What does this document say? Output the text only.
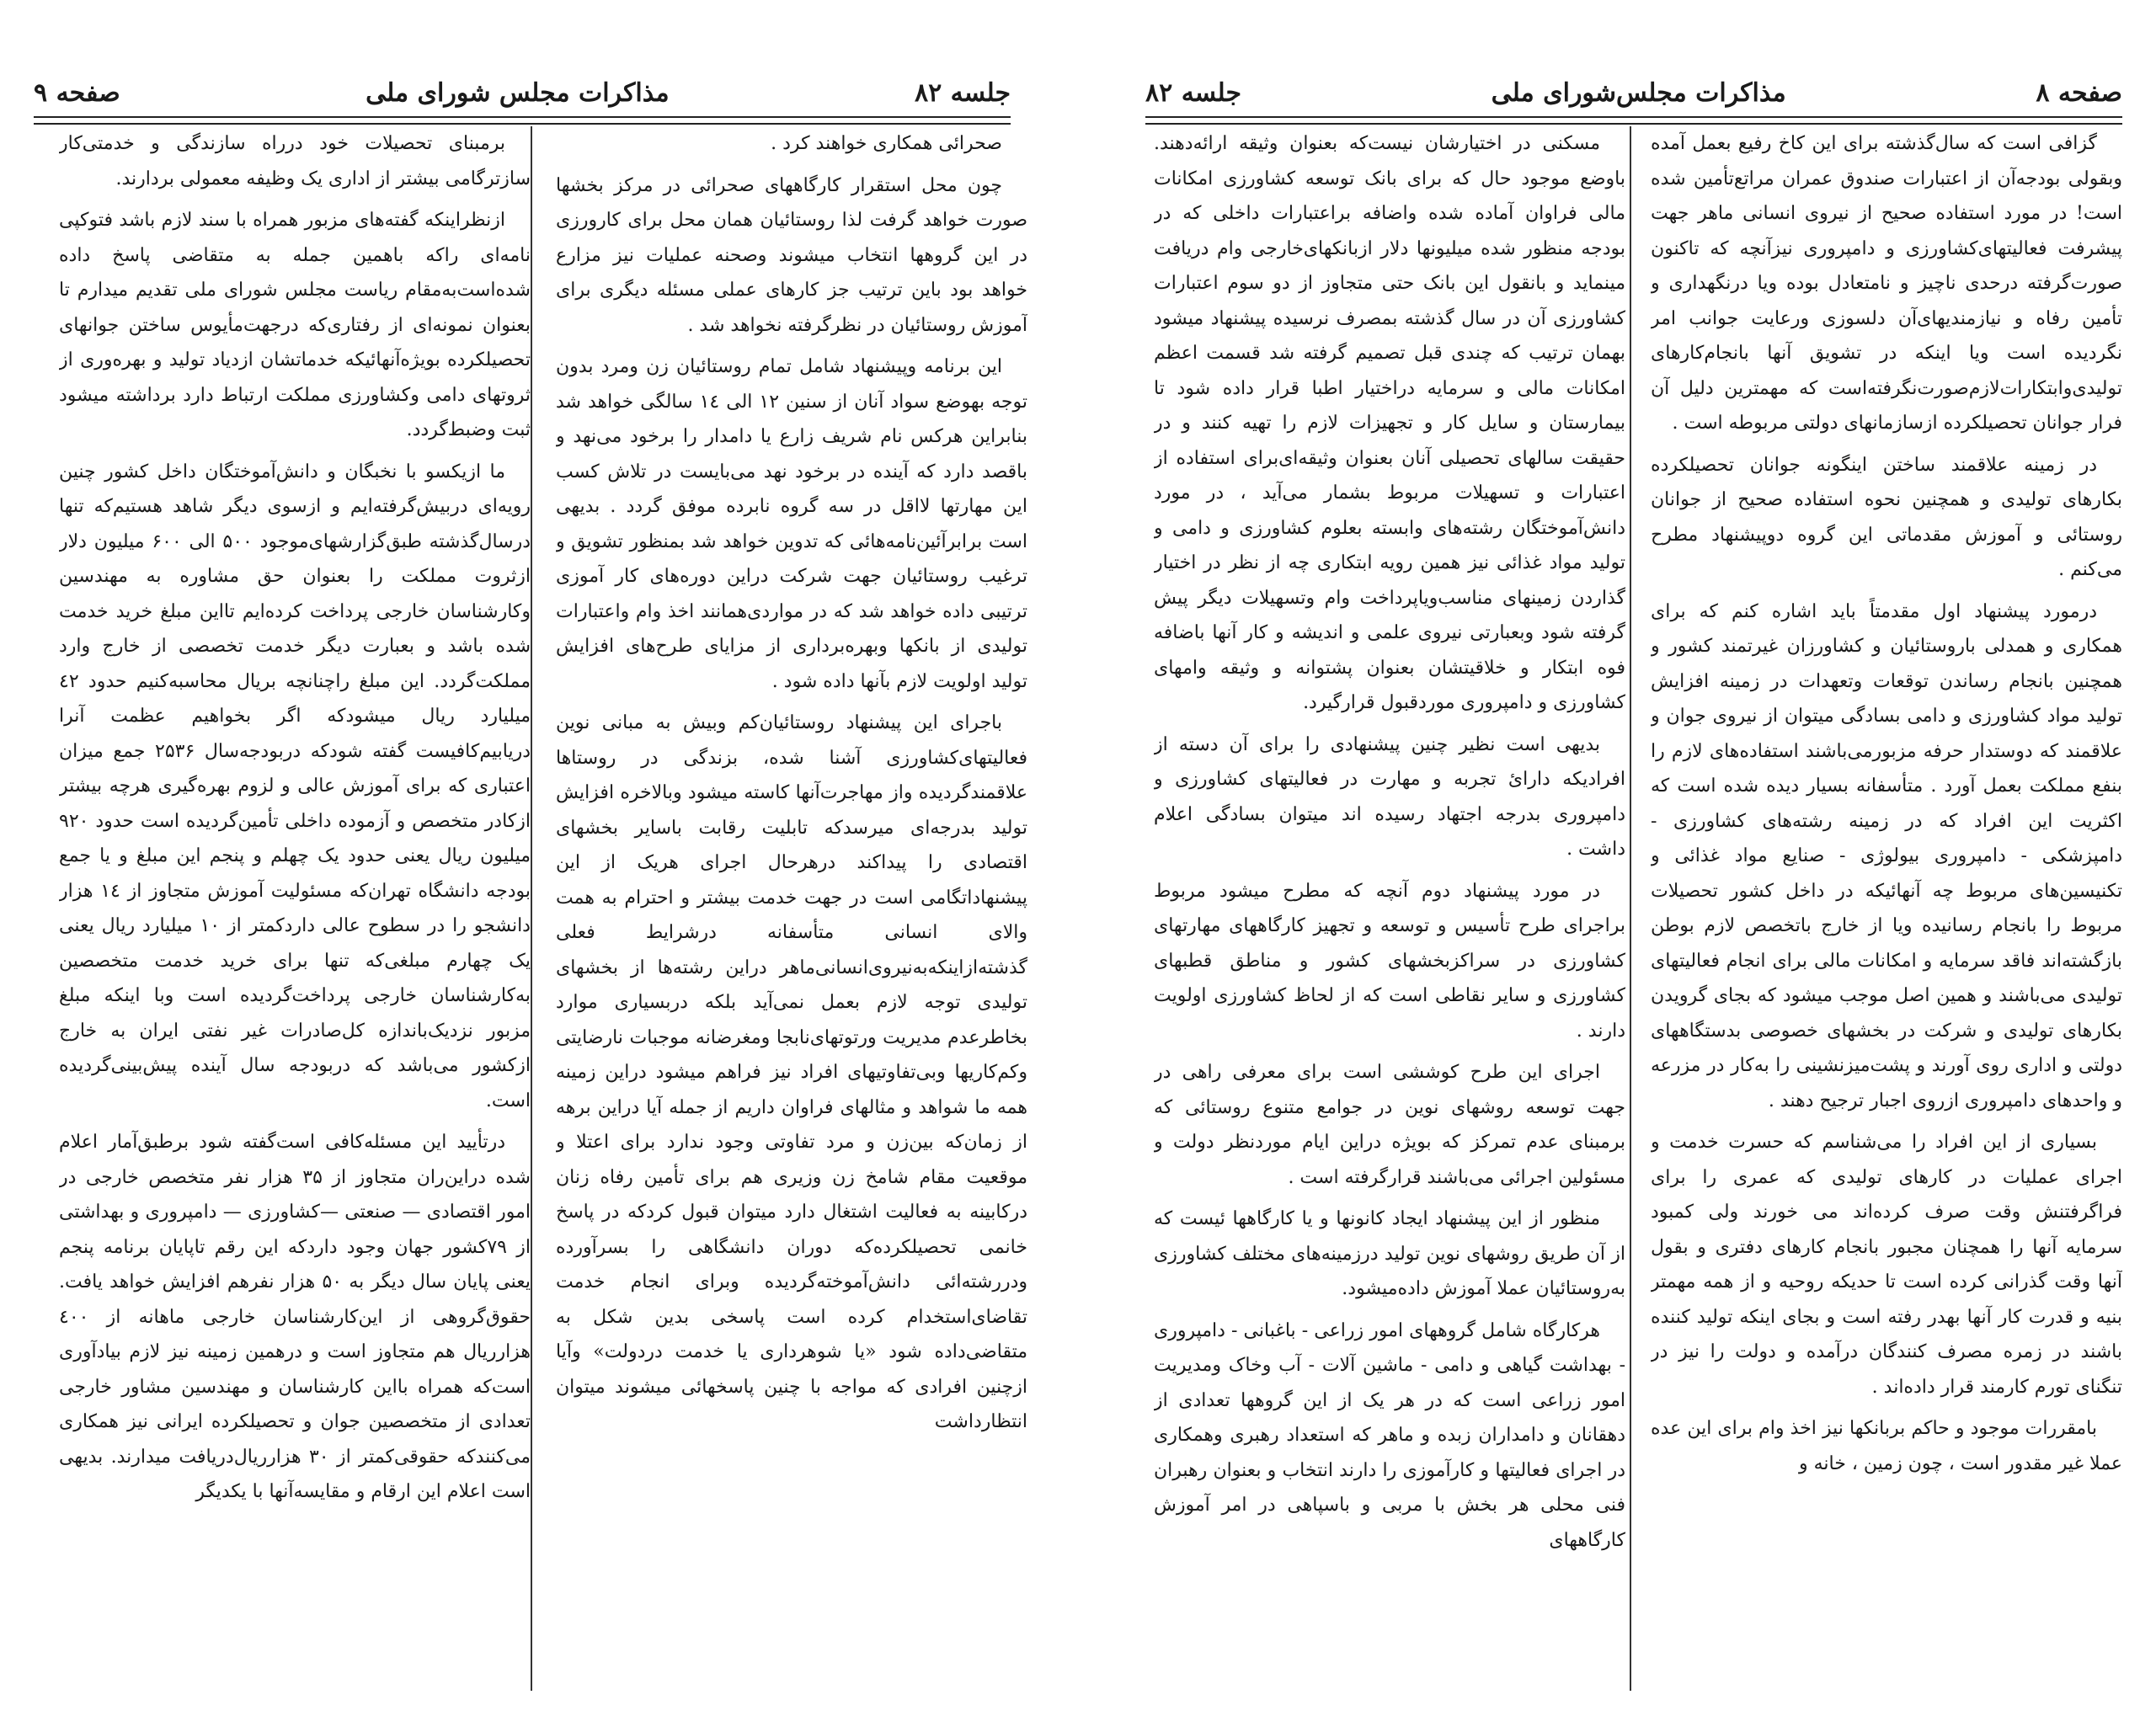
جلسه ۸۲
مذاکرات مجلس شورای ملی
صفحه ۹

صحرائی همکاری خواهند کرد .

چون محل استقرار کارگاههای صحرائی در مرکز بخشها صورت خواهد گرفت لذا روستائیان همان محل برای کارورزی در این گروهها انتخاب میشوند وصحنه عملیات نیز مزارع خواهد بود باین ترتیب جز کارهای عملی مسئله دیگری برای آموزش روستائیان در نظرگرفته نخواهد شد .

این برنامه وپیشنهاد شامل تمام روستائیان زن ومرد بدون توجه بهوضع سواد آنان از سنین ۱۲ الی ۱٤ سالگی خواهد شد بنابراین هرکس نام شریف زارع یا دامدار را برخود می‌نهد و باقصد دارد که آینده در برخود نهد می‌بایست در تلاش کسب این مهارتها لااقل در سه گروه نابرده موفق گردد . بدیهی است برابرآئین‌نامه‌هائی که تدوین خواهد شد بمنظور تشویق و ترغیب روستائیان جهت شرکت دراین دوره‌های کار آموزی ترتیبی داده خواهد شد که در مواردی‌همانند اخذ وام واعتبارات تولیدی از بانکها وبهره‌برداری از مزایای طرح‌های افزایش تولید اولویت لازم بآنها داده شود .

باجرای این پیشنهاد روستائیان‌کم وبیش به مبانی نوین فعالیتهای‌کشاورزی آشنا شده، بزندگی در روستاها علاقمندگردیده واز مهاجرت‌آنها کاسته میشود وبالاخره افزایش تولید بدرجه‌ای میرسدکه تابلیت رقابت باسایر بخشهای اقتصادی را پیداکند درهرحال اجرای هریک از این پیشنهاداتگامی است در جهت خدمت بیشتر و احترام به همت والای انسانی متأسفانه درشرایط فعلی گذشته‌ازاینکه‌به‌نیروی‌انسانی‌ماهر دراین رشته‌ها از بخشهای تولیدی توجه لازم بعمل نمی‌آید بلکه دربسیاری موارد بخاطرعدم مدیریت ورتوتهای‌نابجا ومغرضانه موجبات نارضایتی وکم‌کاریها وبی‌تفاوتیهای افراد نیز فراهم میشود دراین زمینه همه ما شواهد و مثالهای فراوان داریم از جمله آیا دراین برهه از زمان‌که بین‌زن و مرد تفاوتی وجود ندارد برای اعتلا و موقعیت مقام شامخ زن وزیری هم برای تأمین رفاه زنان درکابینه به فعالیت اشتغال دارد میتوان قبول کردکه در پاسخ خانمی تحصیلکرده‌که دوران دانشگاهی را بسرآورده ودررشته‌ائی دانش‌آموخته‌گردیده وبرای انجام خدمت تقاضای‌استخدام کرده است پاسخی بدین شکل به متقاضی‌داده شود «یا شوهرداری یا خدمت دردولت» وآیا ازچنین افرادی که مواجه با چنین پاسخهائی میشوند میتوان انتظارداشت

برمبنای تحصیلات خود درراه سازندگی و خدمتی‌کار سازترگامی بیشتر از اداری یک وظیفه معمولی بردارند.

ازنظراینکه گفته‌های مزبور همراه با سند لازم باشد فتوکپی نامه‌ای راکه باهمین جمله به متقاضی پاسخ داده شده‌است‌به‌مقام ریاست مجلس شورای ملی تقدیم میدارم تا بعنوان نمونه‌ای از رفتاری‌که درجهت‌مأیوس ساختن جوانهای تحصیلکرده بویژه‌آنهائیکه خدماتشان ازدیاد تولید و بهره‌وری از ثروتهای دامی وکشاورزی مملکت ارتباط دارد برداشته میشود ثبت وضبط‌گردد.

ما ازیکسو با نخبگان و دانش‌آموختگان داخل کشور چنین رویه‌ای دربیش‌گرفته‌ایم و ازسوی دیگر شاهد هستیم‌که تنها درسال‌گذشته طبق‌گزارشهای‌موجود ۵۰۰ الی ۶۰۰ میلیون دلار ازثروت مملکت را بعنوان حق مشاوره به مهندسین وکارشناسان خارجی پرداخت کرده‌ایم تااین مبلغ خرید خدمت شده باشد و بعبارت دیگر خدمت تخصصی از خارج وارد مملکت‌گردد. این مبلغ راچنانچه بریال محاسبه‌کنیم حدود ٤۲ میلیارد ریال میشودکه اگر بخواهیم عظمت آنرا دریابیم‌کافیست گفته شودکه دربودجه‌سال ۲۵۳۶ جمع میزان اعتباری که برای آموزش عالی و لزوم بهره‌گیری هرچه بیشتر ازکادر متخصص و آزموده داخلی تأمین‌گردیده است حدود ۹۲۰ میلیون ریال یعنی حدود یک چهلم و پنجم این مبلغ و یا جمع بودجه دانشگاه تهران‌که مسئولیت آموزش متجاوز از ١٤ هزار دانشجو را در سطوح عالی دارد‌کمتر از ۱۰ میلیارد ریال یعنی یک چهارم مبلغی‌که تنها برای خرید خدمت متخصصین به‌کارشناسان خارجی پرداخت‌گردیده است وبا اینکه مبلغ مزبور نزدیک‌باندازه کل‌صادرات غیر نفتی ایران به خارج از‌کشور می‌باشد که دربودجه سال آینده پیش‌بینی‌گردیده است.

درتأیید این مسئله‌کافی است‌گفته شود برطبق‌آمار اعلام شده دراین‌ران متجاوز از ۳۵ هزار نفر متخصص خارجی در امور اقتصادی — صنعتی —کشاورزی — دامپروری و بهداشتی از ۷۹کشور جهان وجود داردکه این رقم تاپایان برنامه پنجم یعنی پایان سال دیگر به ۵۰ هزار نفرهم افزایش خواهد یافت. حقوق‌گروهی از این‌کارشناسان خارجی ماهانه از ٤۰۰ هزارریال هم متجاوز است و درهمین زمینه نیز لازم بیادآوری است‌که همراه بااین کارشناسان و مهندسین مشاور خارجی تعدادی از متخصصین جوان و تحصیلکرده ایرانی نیز همکاری می‌کنندکه حقوقی‌کمتر از ۳۰ هزارریال‌دریافت میدارند. بدیهی است اعلام این ارقام و مقایسه‌آنها با یکدیگر

صفحه ۸
مذاکرات مجلس‌شورای ملی
جلسه ۸۲

گزافی است که سال‌گذشته برای این کاخ رفیع بعمل آمده وبقولی بودجه‌آن از اعتبارات صندوق عمران مراتع‌تأمین شده است! در مورد استفاده صحیح از نیروی انسانی ماهر جهت پیشرفت فعالیتهای‌کشاورزی و دامپروری نیزآنچه که تاکنون صورت‌گرفته درحدی ناچیز و نامتعادل بوده ویا درنگهداری و تأمین رفاه و نیازمندیهای‌آن دلسوزی ورعایت جوانب امر نگردیده است ویا اینکه در تشویق آنها بانجام‌کارهای تولیدی‌وابتکارات‌لازم‌صورت‌نگرفته‌است که مهمترین دلیل آن فرار جوانان تحصیلکرده ازسازمانهای دولتی مربوطه است .

در زمینه علاقمند ساختن اینگونه جوانان تحصیلکرده بکارهای تولیدی و همچنین نحوه استفاده صحیح از جوانان روستائی و آموزش مقدماتی این گروه دوپیشنهاد مطرح می‌کنم .

درمورد پیشنهاد اول مقدمتاً باید اشاره کنم که برای همکاری و همدلی باروستائیان و کشاورزان غیرتمند کشور و همچنین بانجام رساندن توقعات وتعهدات در زمینه افزایش تولید مواد کشاورزی و دامی بسادگی میتوان از نیروی جوان و علاقمند که دوستدار حرفه مزبورمی‌باشند استفاده‌های لازم را بنفع مملکت بعمل آورد . متأسفانه بسیار دیده شده است که اکثریت این افراد که در زمینه رشته‌های کشاورزی - دامپزشکی - دامپروری بیولوژی - صنایع مواد غذائی و تکنیسین‌های مربوط چه آنهائیکه در داخل کشور تحصیلات مربوط را بانجام رسانیده ویا از خارج باتخصص لازم بوطن بازگشته‌اند فاقد سرمایه و امکانات مالی برای انجام فعالیتهای تولیدی می‌باشند و همین اصل موجب میشود که بجای گرویدن بکارهای تولیدی و شرکت در بخشهای خصوصی بدستگاههای دولتی و اداری روی آورند و پشت‌میزنشینی را به‌کار در مزرعه و واحدهای دامپروری ازروی اجبار ترجیح دهند .

بسیاری از این افراد را می‌شناسم که حسرت خدمت و اجرای عملیات در کارهای تولیدی که عمری را برای فراگرفتنش وقت صرف کرده‌اند می خورند ولی کمبود سرمایه آنها را همچنان مجبور بانجام کارهای دفتری و بقول آنها وقت گذرانی کرده است تا حدیکه روحیه و از همه مهمتر بنیه و قدرت کار آنها بهدر رفته است و بجای اینکه تولید کننده باشند در زمره مصرف کنندگان درآمده و دولت را نیز در تنگنای تورم کارمند قرار داده‌اند .

بامقررات موجود و حاکم بربانکها نیز اخذ وام برای این عده عملا غیر مقدور است ، چون زمین ، خانه و

مسکنی در اختیارشان نیست‌که بعنوان وثیقه ارائه‌دهند. باوضع موجود حال که برای بانک توسعه کشاورزی امکانات مالی فراوان آماده شده واضافه براعتبارات داخلی که در بودجه منظور شده میلیونها دلار ازبانکهای‌خارجی وام دریافت مینماید و بانقول این بانک حتی متجاوز از دو سوم اعتبارات کشاورزی آن در سال گذشته بمصرف نرسیده پیشنهاد میشود بهمان ترتیب که چندی قبل تصمیم گرفته شد قسمت اعظم امکانات مالی و سرمایه دراختیار اطبا قرار داده شود تا بیمارستان و سایل کار و تجهیزات لازم را تهیه کنند و در حقیقت سالهای تحصیلی آنان بعنوان وثیقه‌ای‌برای استفاده از اعتبارات و تسهیلات مربوط بشمار می‌آید ، در مورد دانش‌آموختگان رشته‌های وابسته بعلوم کشاورزی و دامی و تولید مواد غذائی نیز همین رویه ابتکاری چه از نظر در اختیار گذاردن زمینهای مناسب‌ویاپرداخت وام وتسهیلات دیگر پیش گرفته شود وبعبارتی نیروی علمی و اندیشه و کار آنها باضافه فوه ابتکار و خلاقیتشان بعنوان پشتوانه و وثیقه وامهای کشاورزی و دامپروری موردقبول قرارگیرد.

بدیهی است نظیر چنین پیشنهادی را برای آن دسته از افرادیکه دارائ تجربه و مهارت در فعالیتهای کشاورزی و دامپروری بدرجه اجتهاد رسیده اند میتوان بسادگی اعلام داشت .

در مورد پیشنهاد دوم آنچه که مطرح میشود مربوط براجرای طرح تأسیس و توسعه و تجهیز کارگاههای مهارتهای کشاورزی در سراکزبخشهای کشور و مناطق قطبهای کشاورزی و سایر نقاطی است که از لحاظ کشاورزی اولویت دارند .

اجرای این طرح کوششی است برای معرفی راهی در جهت توسعه روشهای نوین در جوامع متنوع روستائی که برمبنای عدم تمرکز که بویژه دراین ایام موردنظر دولت و مسئولین اجرائی می‌باشند قرارگرفته است .

منظور از این پیشنهاد ایجاد کانونها و یا کارگاهها ئیست که از آن طریق روشهای نوین تولید درزمینه‌های مختلف کشاورزی به‌روستائیان عملا آموزش داده‌میشود.

هرکارگاه شامل گروههای امور زراعی - باغبانی - دامپروری - بهداشت گیاهی و دامی - ماشین آلات - آب وخاک ومدیریت امور زراعی است که در هر یک از این گروهها تعدادی از دهقانان و دامداران زبده و ماهر که استعداد رهبری وهمکاری در اجرای فعالیتها و کارآموزی را دارند انتخاب و بعنوان رهبران فنی محلی هر بخش با مربی و باسپاهی در امر آموزش کارگاههای
